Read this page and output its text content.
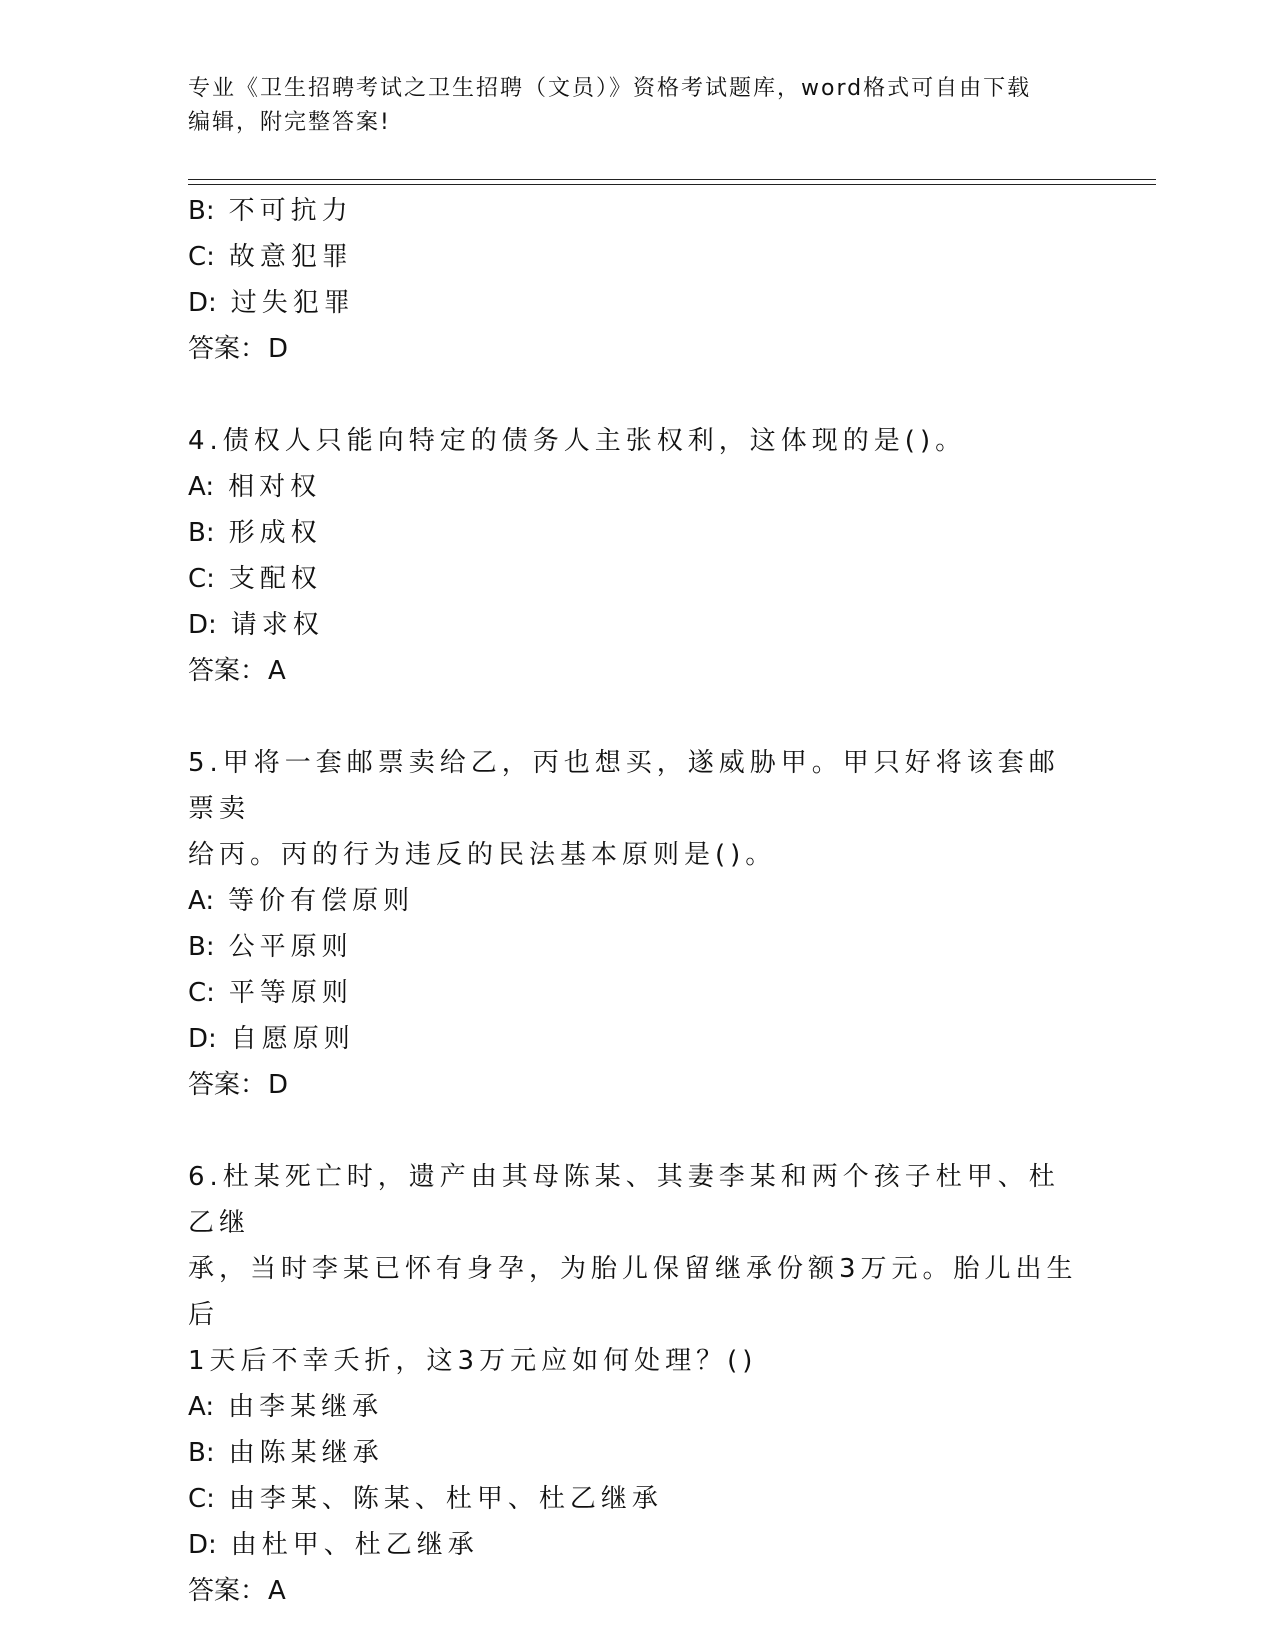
专业《卫生招聘考试之卫生招聘（文员）》资格考试题库，word格式可自由下载
编辑，附完整答案!
B: 不可抗力
C: 故意犯罪
D: 过失犯罪
答案：D
4.债权人只能向特定的债务人主张权利，这体现的是()。
A: 相对权
B: 形成权
C: 支配权
D: 请求权
答案：A
5.甲将一套邮票卖给乙，丙也想买，遂威胁甲。甲只好将该套邮票卖
给丙。丙的行为违反的民法基本原则是()。
A: 等价有偿原则
B: 公平原则
C: 平等原则
D: 自愿原则
答案：D
6.杜某死亡时，遗产由其母陈某、其妻李某和两个孩子杜甲、杜乙继
承，当时李某已怀有身孕，为胎儿保留继承份额3万元。胎儿出生后
1天后不幸夭折，这3万元应如何处理？()
A: 由李某继承
B: 由陈某继承
C: 由李某、陈某、杜甲、杜乙继承
D: 由杜甲、杜乙继承
答案：A
